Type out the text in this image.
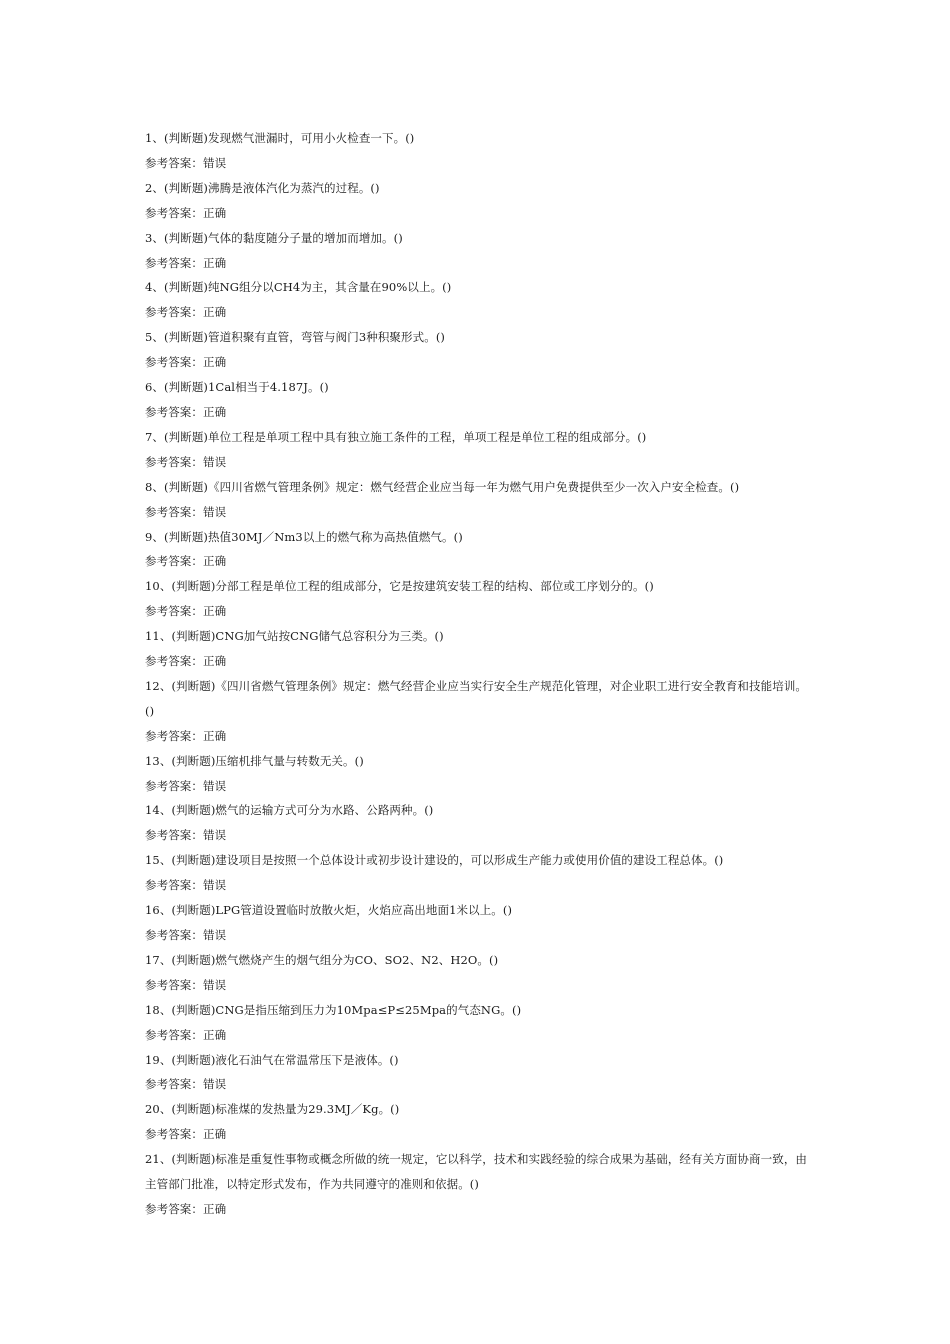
1、(判断题)发现燃气泄漏时，可用小火检查一下。()
参考答案：错误
2、(判断题)沸腾是液体汽化为蒸汽的过程。()
参考答案：正确
3、(判断题)气体的黏度随分子量的增加而增加。()
参考答案：正确
4、(判断题)纯NG组分以CH4为主，其含量在90%以上。()
参考答案：正确
5、(判断题)管道积聚有直管，弯管与阀门3种积聚形式。()
参考答案：正确
6、(判断题)1Cal相当于4.187J。()
参考答案：正确
7、(判断题)单位工程是单项工程中具有独立施工条件的工程，单项工程是单位工程的组成部分。()
参考答案：错误
8、(判断题)《四川省燃气管理条例》规定：燃气经营企业应当每一年为燃气用户免费提供至少一次入户安全检查。()
参考答案：错误
9、(判断题)热值30MJ／Nm3以上的燃气称为高热值燃气。()
参考答案：正确
10、(判断题)分部工程是单位工程的组成部分，它是按建筑安装工程的结构、部位或工序划分的。()
参考答案：正确
11、(判断题)CNG加气站按CNG储气总容积分为三类。()
参考答案：正确
12、(判断题)《四川省燃气管理条例》规定：燃气经营企业应当实行安全生产规范化管理，对企业职工进行安全教育和技能培训。()
参考答案：正确
13、(判断题)压缩机排气量与转数无关。()
参考答案：错误
14、(判断题)燃气的运输方式可分为水路、公路两种。()
参考答案：错误
15、(判断题)建设项目是按照一个总体设计或初步设计建设的，可以形成生产能力或使用价值的建设工程总体。()
参考答案：错误
16、(判断题)LPG管道设置临时放散火炬，火焰应高出地面1米以上。()
参考答案：错误
17、(判断题)燃气燃烧产生的烟气组分为CO、SO2、N2、H2O。()
参考答案：错误
18、(判断题)CNG是指压缩到压力为10Mpa≤P≤25Mpa的气态NG。()
参考答案：正确
19、(判断题)液化石油气在常温常压下是液体。()
参考答案：错误
20、(判断题)标准煤的发热量为29.3MJ／Kg。()
参考答案：正确
21、(判断题)标准是重复性事物或概念所做的统一规定，它以科学，技术和实践经验的综合成果为基础，经有关方面协商一致，由主管部门批准，以特定形式发布，作为共同遵守的准则和依据。()
参考答案：正确
